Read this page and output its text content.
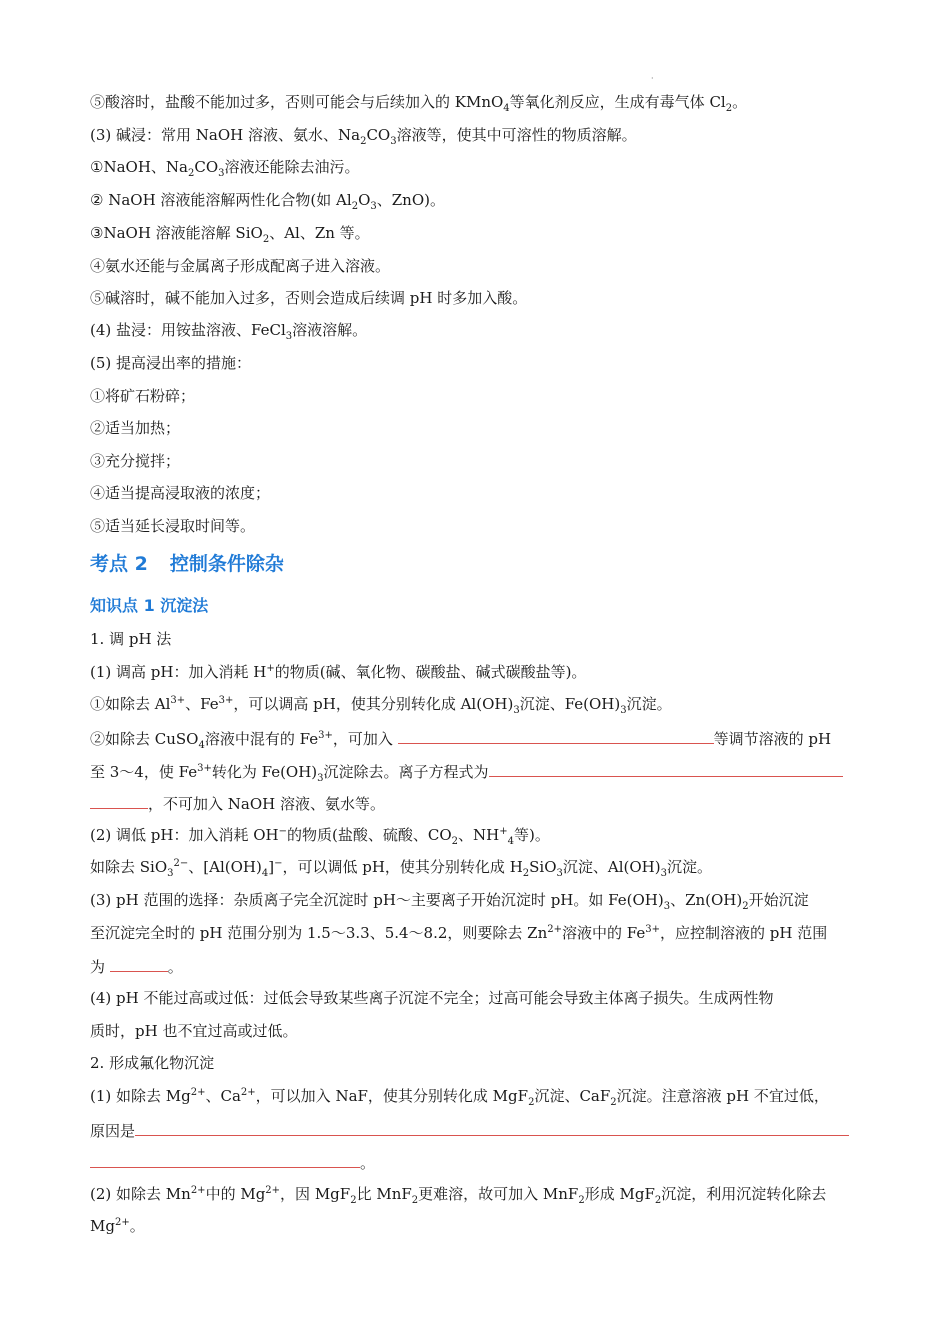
·
⑤酸溶时，盐酸不能加过多，否则可能会与后续加入的 KMnO$_4$等氧化剂反应，生成有毒气体 $Cl_2$。
(3) 碱浸：常用 NaOH 溶液、氨水、$Na_2CO_3$溶液等，使其中可溶性的物质溶解。
①NaOH、$Na_2CO_3$溶液还能除去油污。
② NaOH 溶液能溶解两性化合物(如 $Al_2O_3$、ZnO)。
③NaOH 溶液能溶解 SiO$_2$、Al、Zn 等。
④氨水还能与金属离子形成配离子进入溶液。
⑤碱溶时，碱不能加入过多，否则会造成后续调 pH 时多加入酸。
(4) 盐浸：用铵盐溶液、FeCl$_3$溶液溶解。
(5) 提高浸出率的措施：
①将矿石粉碎；
②适当加热；
③充分搅拌；
④适当提高浸取液的浓度；
⑤适当延长浸取时间等。
考点 2 控制条件除杂
知识点 1 沉淀法
1. 调 pH 法
(1) 调高 pH：加入消耗 H+的物质(碱、氧化物、碳酸盐、碱式碳酸盐等)。
①如除去 $Al^{3+}$、$Fe^{3+}$，可以调高 pH，使其分别转化成 $Al(OH)_3$沉淀、$Fe(OH)_3$沉淀。
②如除去 CuSO$_4$溶液中混有的 $Fe^{3+}$，可加入	等调节溶液的 pH
至 3～4，使 $Fe^{3+}$转化为 $Fe(OH)_3$沉淀除去。离子方程式为
，不可加入 NaOH 溶液、氨水等。
(2) 调低 pH：加入消耗 OH−的物质(盐酸、硫酸、$CO_2$、$NH^+_4$等)。
如除去 SiO$_3^{2-}$、$[Al(OH)_4]^-$，可以调低 pH，使其分别转化成 $H_2SiO_3$沉淀、$Al(OH)_3$沉淀。
(3) pH 范围的选择：杂质离子完全沉淀时 pH～主要离子开始沉淀时 pH。如 $Fe(OH)_3$、$Zn(OH)_2$开始沉淀
至沉淀完全时的 pH 范围分别为 1.5～3.3、5.4～8.2，则要除去 $Zn^{2+}$溶液中的 $Fe^{3+}$，应控制溶液的 pH 范围
为	。
(4) pH 不能过高或过低：过低会导致某些离子沉淀不完全；过高可能会导致主体离子损失。生成两性物
质时，pH 也不宜过高或过低。
2. 形成氟化物沉淀
(1) 如除去 $Mg^{2+}$、$Ca^{2+}$，可以加入 NaF，使其分别转化成 MgF$_2$沉淀、CaF$_2$沉淀。注意溶液 pH 不宜过低，
原因是
。
(2) 如除去 $Mn^{2+}$中的 $Mg^{2+}$，因 MgF$_2$比 MnF$_2$更难溶，故可加入 MnF$_2$形成 MgF$_2$沉淀，利用沉淀转化除去
$Mg^{2+}$。
